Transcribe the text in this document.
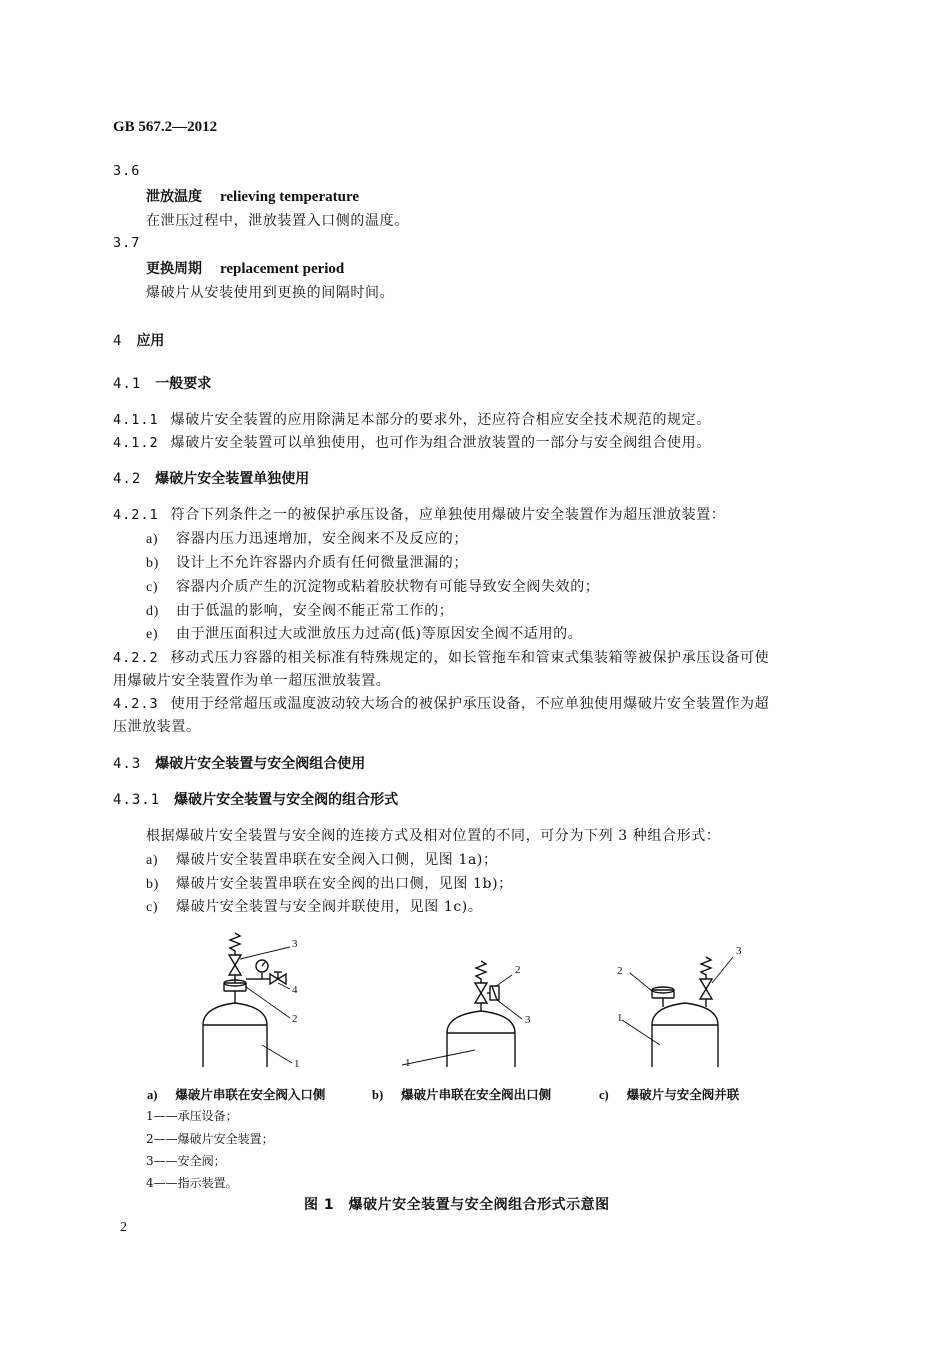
GB 567.2—2012
3.6
泄放温度 relieving temperature
在泄压过程中，泄放装置入口侧的温度。
3.7
更换周期 replacement period
爆破片从安装使用到更换的间隔时间。
4 应用
4.1 一般要求
4.1.1 爆破片安全装置的应用除满足本部分的要求外，还应符合相应安全技术规范的规定。
4.1.2 爆破片安全装置可以单独使用，也可作为组合泄放装置的一部分与安全阀组合使用。
4.2 爆破片安全装置单独使用
4.2.1 符合下列条件之一的被保护承压设备，应单独使用爆破片安全装置作为超压泄放装置：
a) 容器内压力迅速增加，安全阀来不及反应的；
b) 设计上不允许容器内介质有任何微量泄漏的；
c) 容器内介质产生的沉淀物或粘着胶状物有可能导致安全阀失效的；
d) 由于低温的影响，安全阀不能正常工作的；
e) 由于泄压面积过大或泄放压力过高(低)等原因安全阀不适用的。
4.2.2 移动式压力容器的相关标准有特殊规定的，如长管拖车和管束式集装箱等被保护承压设备可使
用爆破片安全装置作为单一超压泄放装置。
4.2.3 使用于经常超压或温度波动较大场合的被保护承压设备，不应单独使用爆破片安全装置作为超
压泄放装置。
4.3 爆破片安全装置与安全阀组合使用
4.3.1 爆破片安全装置与安全阀的组合形式
根据爆破片安全装置与安全阀的连接方式及相对位置的不同，可分为下列 3 种组合形式：
a) 爆破片安全装置串联在安全阀入口侧，见图 1a)；
b) 爆破片安全装置串联在安全阀的出口侧，见图 1b)；
c) 爆破片安全装置与安全阀并联使用，见图 1c)。
3
4
2
1
2
3
1
2
3
1
a) 爆破片串联在安全阀入口侧	b) 爆破片串联在安全阀出口侧	c) 爆破片与安全阀并联
1——承压设备；
2——爆破片安全装置；
3——安全阀；
4——指示装置。
图 1　爆破片安全装置与安全阀组合形式示意图
2
